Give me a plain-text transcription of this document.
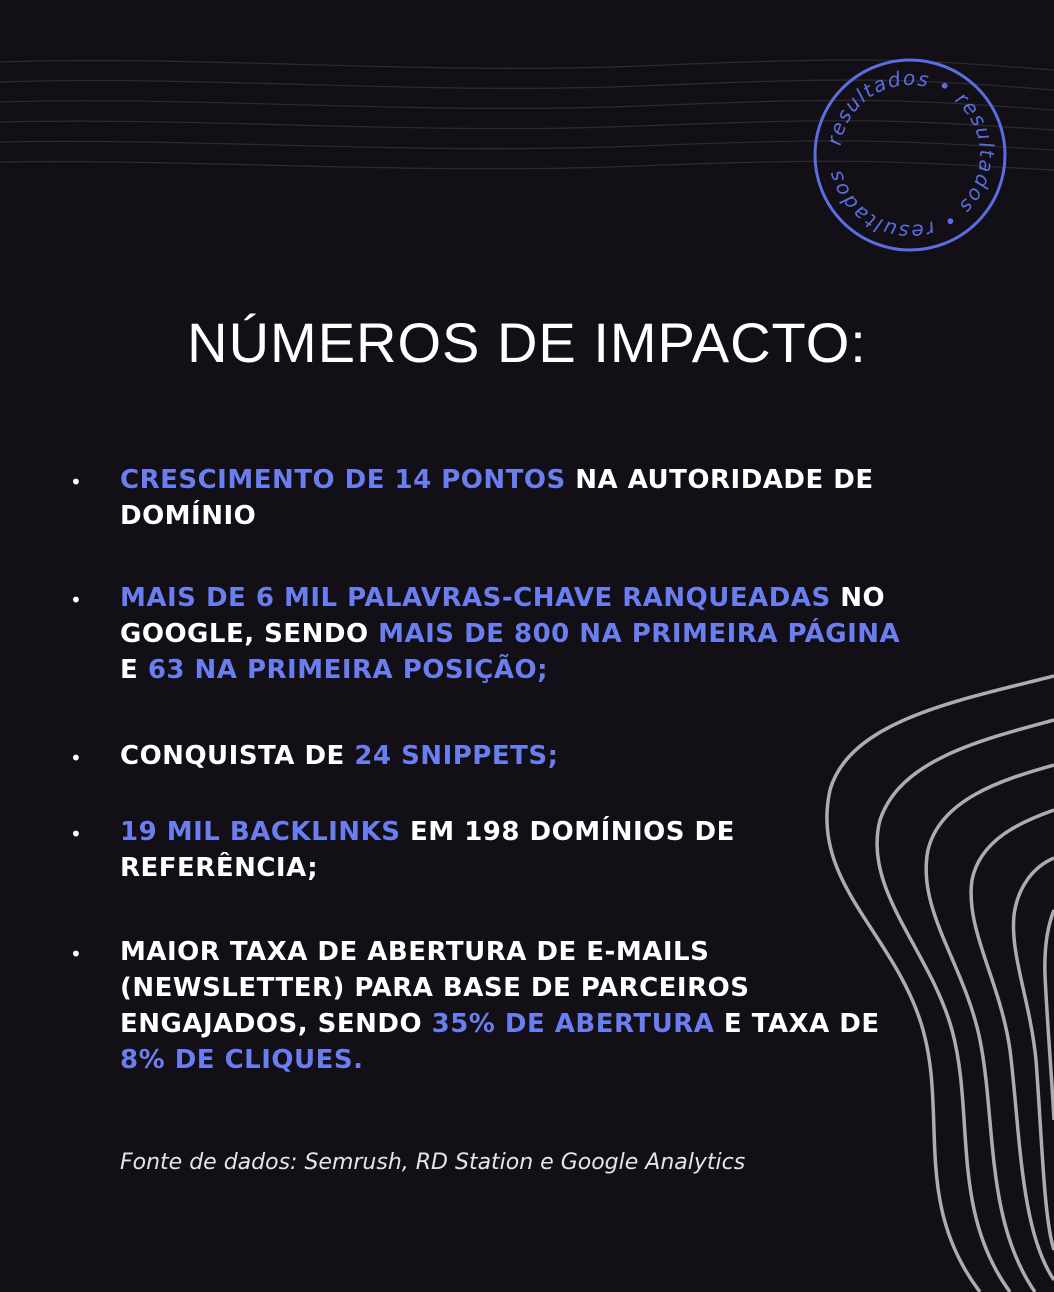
resultados • resultados • resultados
NÚMEROS DE IMPACTO:
• CRESCIMENTO DE 14 PONTOS NA AUTORIDADE DE DOMÍNIO
• MAIS DE 6 MIL PALAVRAS-CHAVE RANQUEADAS NO GOOGLE, SENDO MAIS DE 800 NA PRIMEIRA PÁGINA E 63 NA PRIMEIRA POSIÇÃO;
• CONQUISTA DE 24 SNIPPETS;
• 19 MIL BACKLINKS EM 198 DOMÍNIOS DE REFERÊNCIA;
• MAIOR TAXA DE ABERTURA DE E-MAILS (NEWSLETTER) PARA BASE DE PARCEIROS ENGAJADOS, SENDO 35% DE ABERTURA E TAXA DE 8% DE CLIQUES.
Fonte de dados: Semrush, RD Station e Google Analytics
